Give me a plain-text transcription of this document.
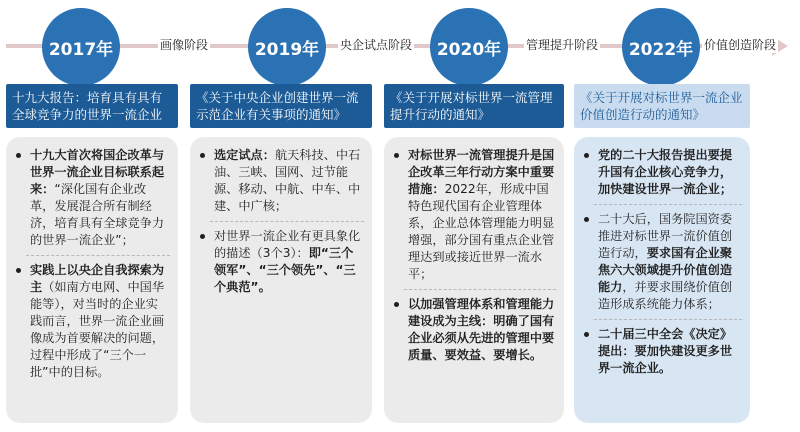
2017年	画像阶段	2019年	央企试点阶段	2020年	管理提升阶段	2022年 价值创造阶段
十九大报告：培育具有具有全球竞争力的世界一流企业
《关于中央企业创建世界一流示范企业有关事项的通知》
《关于开展对标世界一流管理提升行动的通知》
《关于开展对标世界一流企业价值创造行动的通知》
十九大首次将国企改革与世界一流企业目标联系起来：“深化国有企业改革，发展混合所有制经济，培育具有全球竞争力的世界一流企业”；
实践上以央企自我探索为主（如南方电网、中国华能等），对当时的企业实践而言，世界一流企业画像成为首要解决的问题，过程中形成了“三个一批”中的目标。
选定试点：航天科技、中石油、三峡、国网、过节能源、移动、中航、中车、中建、中广核；
对世界一流企业有更具象化的描述（3个3）：即“三个领军”、“三个领先”、“三个典范”。
对标世界一流管理提升是国企改革三年行动方案中重要措施：2022年，形成中国特色现代国有企业管理体系，企业总体管理能力明显增强，部分国有重点企业管理达到或接近世界一流水平；
以加强管理体系和管理能力建设成为主线：明确了国有企业必须从先进的管理中要质量、要效益、要增长。
党的二十大报告提出要提升国有企业核心竞争力，加快建设世界一流企业；
二十大后，国务院国资委推进对标世界一流价值创造行动，要求国有企业聚焦六大领域提升价值创造能力，并要求围绕价值创造形成系统能力体系；
二十届三中全会《决定》提出：要加快建设更多世界一流企业。
